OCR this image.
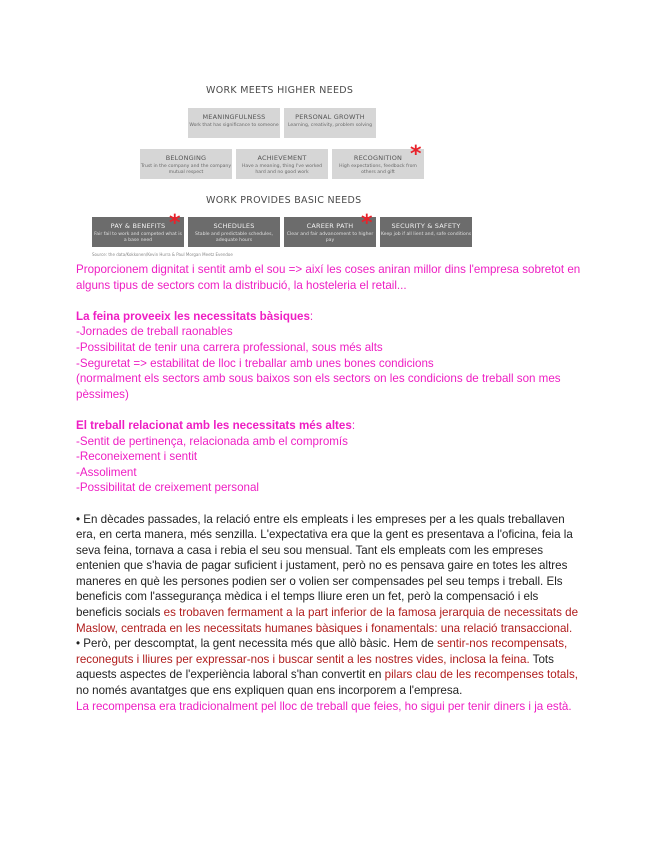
WORK MEETS HIGHER NEEDS
MEANINGFULNESS
Work that has significance to someone
PERSONAL GROWTH
Learning, creativity, problem solving
BELONGING
Trust in the company and the company mutual respect
ACHIEVEMENT
Have a meaning, thing I've worked hard and no good work
RECOGNITION
High expectations, feedback from others and gift
*
WORK PROVIDES BASIC NEEDS
PAY & BENEFITS
Fair fail to work and competed what is a base need
*	SCHEDULES
Stable and predictable schedules, adequate hours
CAREER PATH
Clear and fair advancement to higher pay
*	SECURITY & SAFETY
Keep job if all lient and, safe conditions
Source: the data/Kokkonen/Kevin Hurra & Paul Morgan Meetz Evendoe

Proporcionem dignitat i sentit amb el sou => així les coses aniran millor dins l'empresa sobretot en alguns tipus de sectors com la distribució, la hosteleria el retail...

La feina proveeix les necessitats bàsiques:

-Jornades de treball raonables

-Possibilitat de tenir una carrera professional, sous més alts

-Seguretat => estabilitat de lloc i treballar amb unes bones condicions

(normalment els sectors amb sous baixos son els sectors on les condicions de treball son mes pèssimes)

El treball relacionat amb les necessitats més altes:

-Sentit de pertinença, relacionada amb el compromís

-Reconeixement i sentit

-Assoliment

-Possibilitat de creixement personal

• En dècades passades, la relació entre els empleats i les empreses per a les quals treballaven era, en certa manera, més senzilla. L'expectativa era que la gent es presentava a l'oficina, feia la seva feina, tornava a casa i rebia el seu sou mensual. Tant els empleats com les empreses entenien que s'havia de pagar suficient i justament, però no es pensava gaire en totes les altres maneres en què les persones podien ser o volien ser compensades pel seu temps i treball. Els beneficis com l'assegurança mèdica i el temps lliure eren un fet, però la compensació i els beneficis socials es trobaven fermament a la part inferior de la famosa jerarquia de necessitats de Maslow, centrada en les necessitats humanes bàsiques i fonamentals: una relació transaccional.

• Però, per descomptat, la gent necessita més que allò bàsic. Hem de sentir-nos recompensats, reconeguts i lliures per expressar-nos i buscar sentit a les nostres vides, inclosa la feina. Tots aquests aspectes de l'experiència laboral s'han convertit en pilars clau de les recompenses totals, no només avantatges que ens expliquen quan ens incorporem a l'empresa.

La recompensa era tradicionalment pel lloc de treball que feies, ho sigui per tenir diners i ja està.
